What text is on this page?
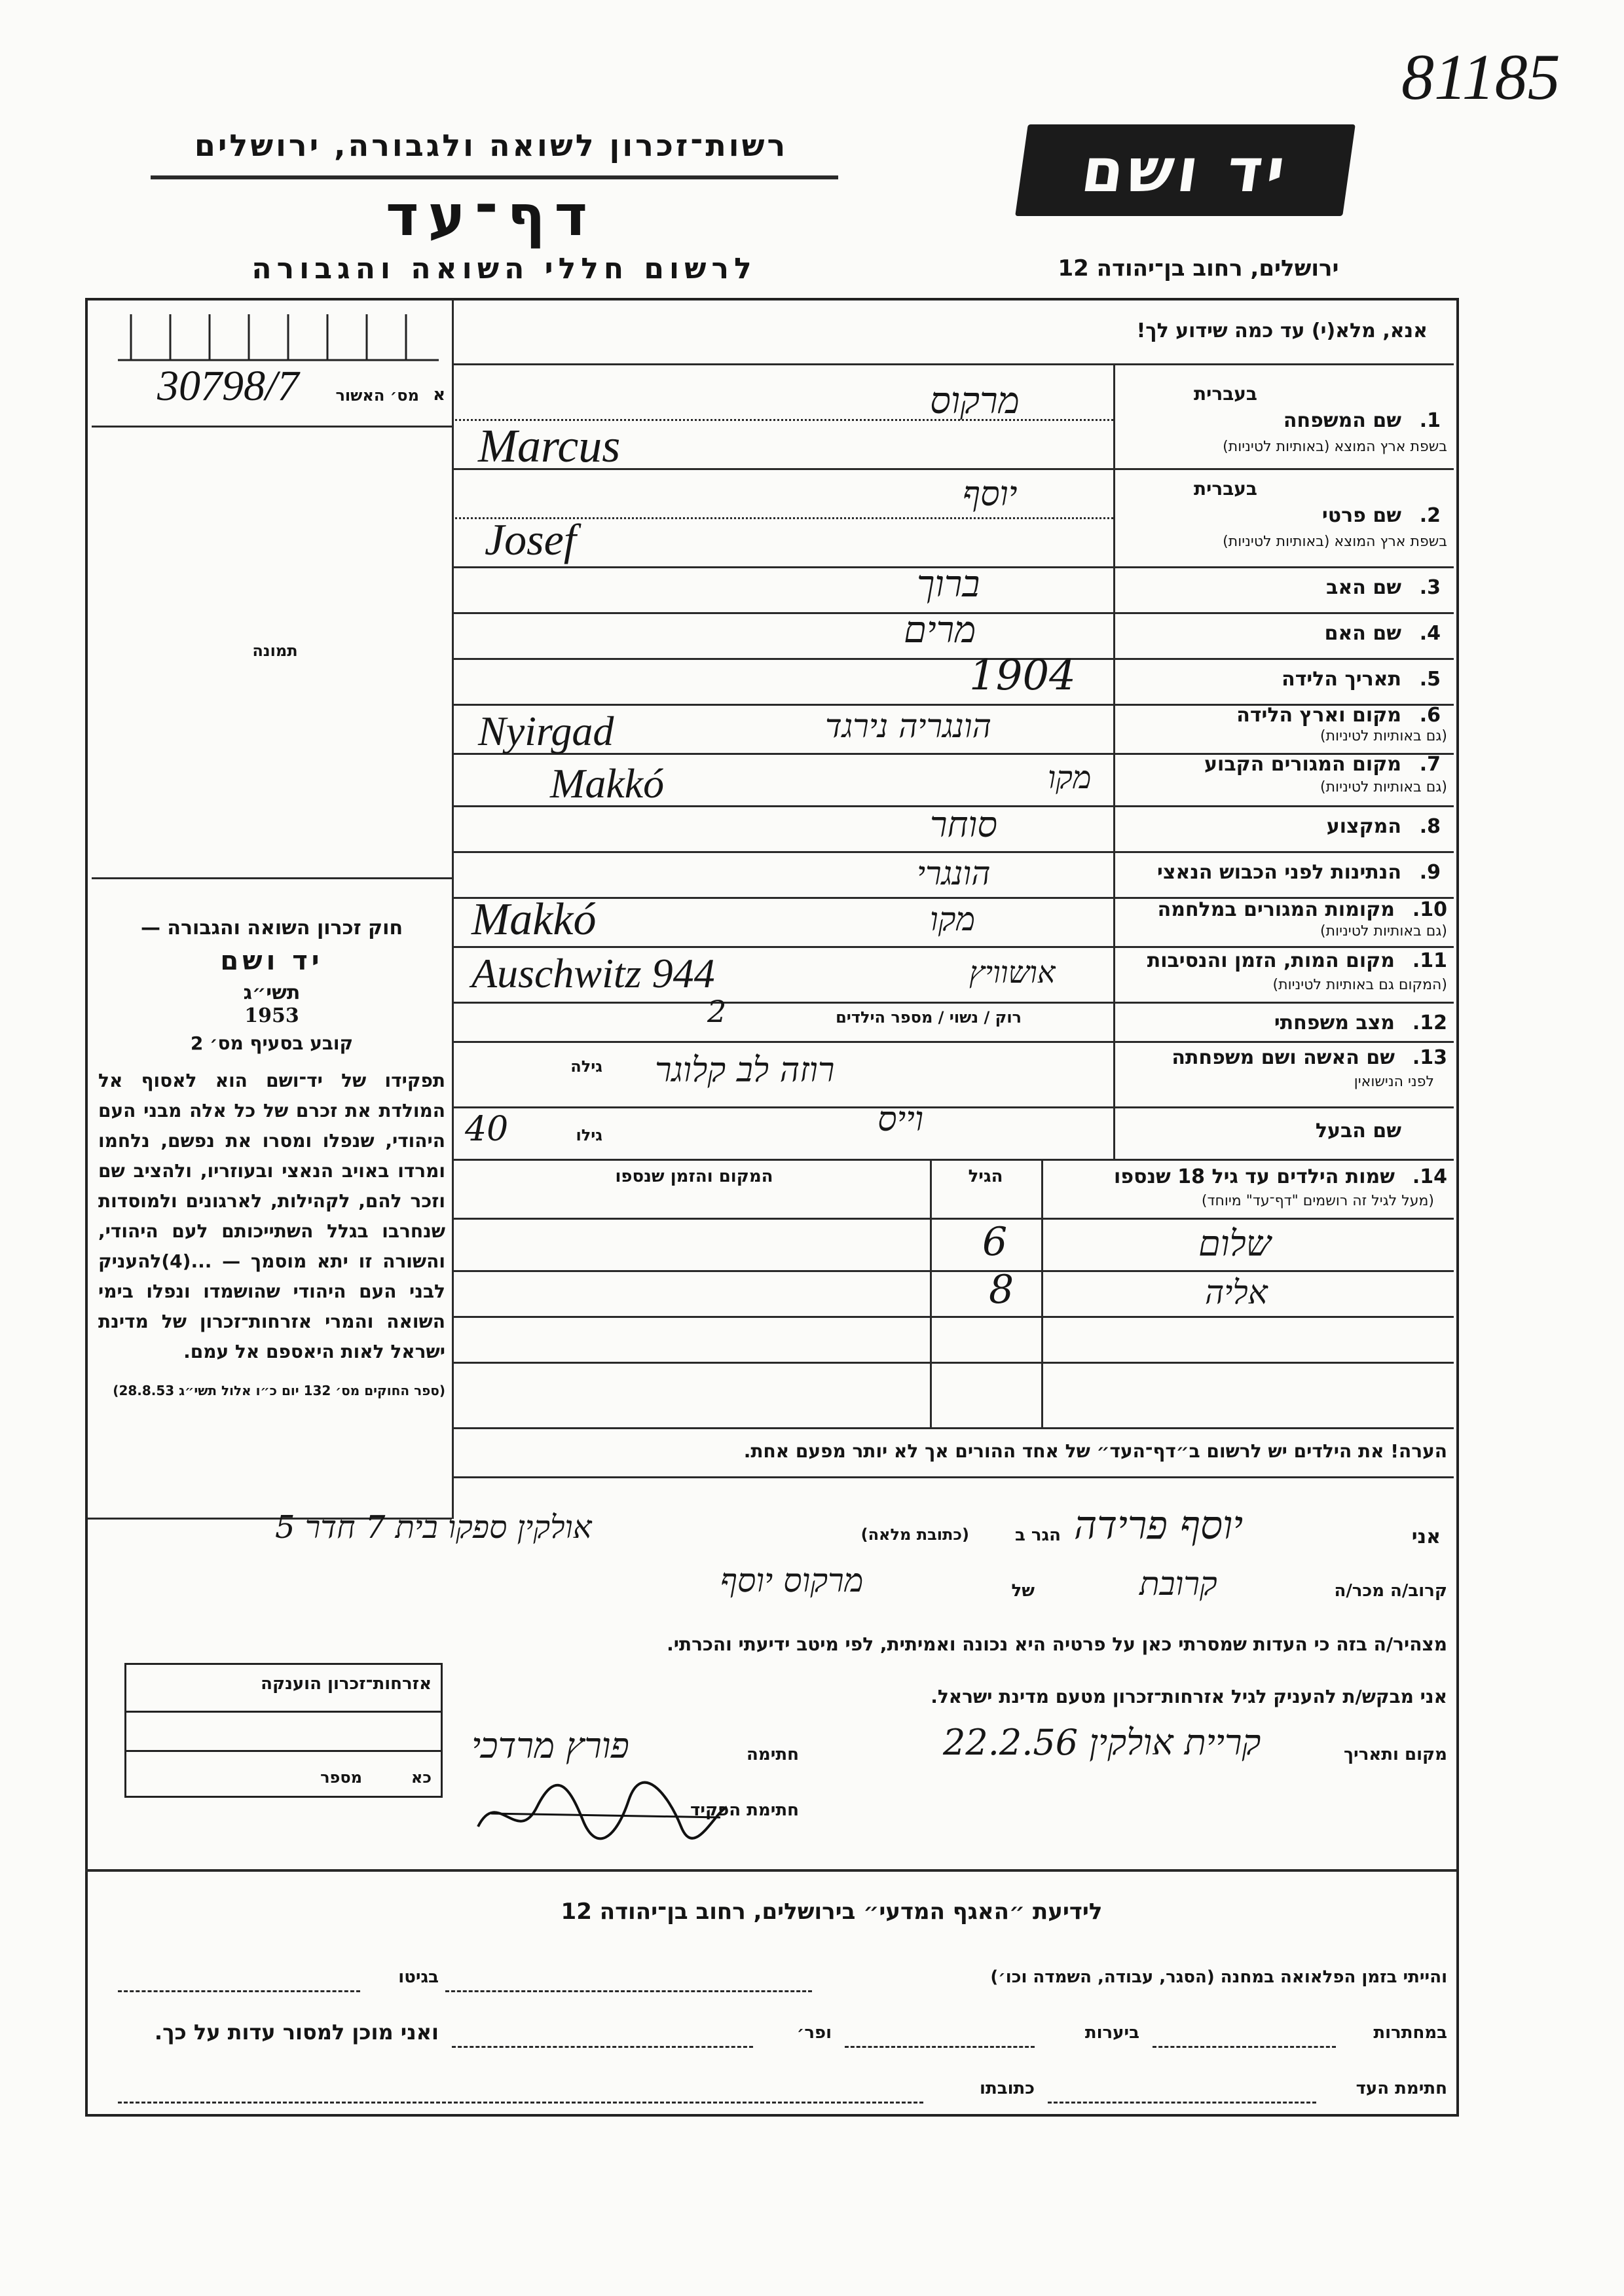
81185
רשות־זכרון לשואה ולגבורה, ירושלים
דף־עד
לרשום חללי השואה והגבורה
יד ושם
ירושלים, רחוב בן־יהודה 12
אנא, מלא(י) עד כמה שידוע לך!
א
מס׳ האשור
30798/7
תמונה

חוק זכרון השואה והגבורה —

יד ושם

תשי״ג

1953

קובע בסעיף מס׳ 2

תפקידו של יד־ושם הוא לאסוף אל המולדת את זכרם של כל אלה מבני העם היהודי, שנפלו ומסרו את נפשם, נלחמו ומרדו באויב הנאצי ובעוזריו, ולהציב שם וזכר להם, לקהילות, לארגונים ולמוסדות שנחרבו בגלל השתייכותם לעם היהודי, והשורה זו יתא מוסמך — ...(4)להעניק לבני העם היהודי שהושמדו ונפלו בימי השואה והמרי אזרחות־זכרון של מדינת ישראל לאות היאספם אל עמם.

(ספר החוקים מס׳ 132 יום כ״ו אלול תשי״ג 28.8.53)

בעברית
1.
שם המשפחה
בשפת ארץ המוצא (באותיות לטיניות)
מרקוס
Marcus
בעברית
2.
שם פרטי
בשפת ארץ המוצא (באותיות לטיניות)
יוסף
Josef
3.
שם האב
ברוך
4.
שם האם
מרים
5.
תאריך הלידה
1904
6.
מקום וארץ הלידה
(גם באותיות לטיניות)
הונגריה נירגד
Nyirgad
7.
מקום המגורים הקבוע
(גם באותיות לטיניות)
מקו
Makkó
8.
המקצוע
סוחר
9.
הנתינות לפני הכבוש הנאצי
הונגרי
10.
מקומות המגורים במלחמה
(גם באותיות לטיניות)
מקו
Makkó
11.
מקום המות, הזמן והנסיבות
(המקום גם באותיות לטיניות)
אושוויץ
Auschwitz 944
12.
מצב משפחתי
רוק / נשוי / מספר הילדים
2
13.
שם האשה ושם משפחתה
לפני הנישואין
רוזה לב קלוגר
גילה
שם הבעל
וייס
גילו
40
14.
שמות הילדים עד גיל 18 שנספו
(מעל לגיל זה רושמים "דף־עד" מיוחד)
הגיל
המקום והזמן שנספו
שלום
6
אליה
8
הערה! את הילדים יש לרשום ב״דף־העד״ של אחד ההורים אך לא יותר מפעם אחת.
אני
יוסף פרידה
הגר ב
(כתובת מלאה)
אולקין ספקו בית 7 חדר 5
קרוב/ה מכר/ה
קרובת
של
מרקוס יוסף
מצהיר/ה בזה כי העדות שמסרתי כאן על פרטיה היא נכונה ואמיתית, לפי מיטב ידיעתי והכרתי.
אני מבקש/ת להעניק לגיל אזרחות־זכרון מטעם מדינת ישראל.
מקום ותאריך
קריית אולקין 22.2.56
חתימה
פורץ מרדכי
חתימת הפקיד
אזרחות־זכרון הוענקה
מספר	כא
לידיעת ״האגף המדעי״ בירושלים, רחוב בן־יהודה 12
והייתי בזמן הפלאואה במחנה (הסגר, עבודה, השמדה וכו׳)
בגיטו
במחתרות
ביערות
ופר׳
ואני מוכן למסור עדות על כך.
חתימת העד
כתובתו
